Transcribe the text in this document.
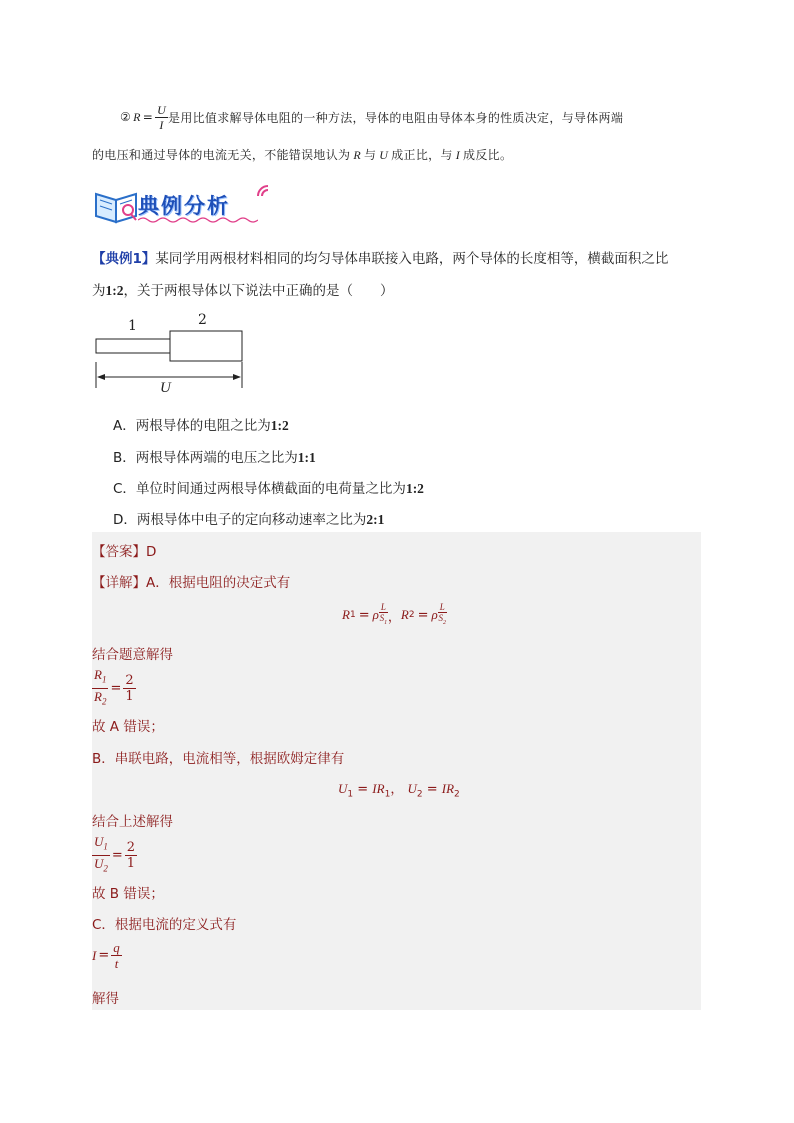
② $R = \frac{U}{I}$ 是用比值求解导体电阻的一种方法，导体的电阻由导体本身的性质决定，与导体两端
的电压和通过导体的电流无关，不能错误地认为 R 与 U 成正比，与 I 成反比。
典例分析
【典例1】某同学用两根材料相同的均匀导体串联接入电路，两个导体的长度相等，横截面积之比
为1:2，关于两根导体以下说法中正确的是（　　）
1	2
U
A．两根导体的电阻之比为1:2
B．两根导体两端的电压之比为1:1
C．单位时间通过两根导体横截面的电荷量之比为1:2
D．两根导体中电子的定向移动速率之比为2:1
【答案】D
【详解】A．根据电阻的决定式有
R 1 = ρ $\frac{L}{S_1}$ ， R 2 = ρ $\frac{L}{S_2}$
结合题意解得
$\frac{R_1}{R_2} = \frac{2}{1}$
故 A 错误；
B．串联电路，电流相等，根据欧姆定律有
$U_1 = IR_1$， $U_2 = IR_2$
结合上述解得
$\frac{U_1}{U_2} = \frac{2}{1}$
故 B 错误；
C．根据电流的定义式有
$I = \frac{q}{t}$
解得
